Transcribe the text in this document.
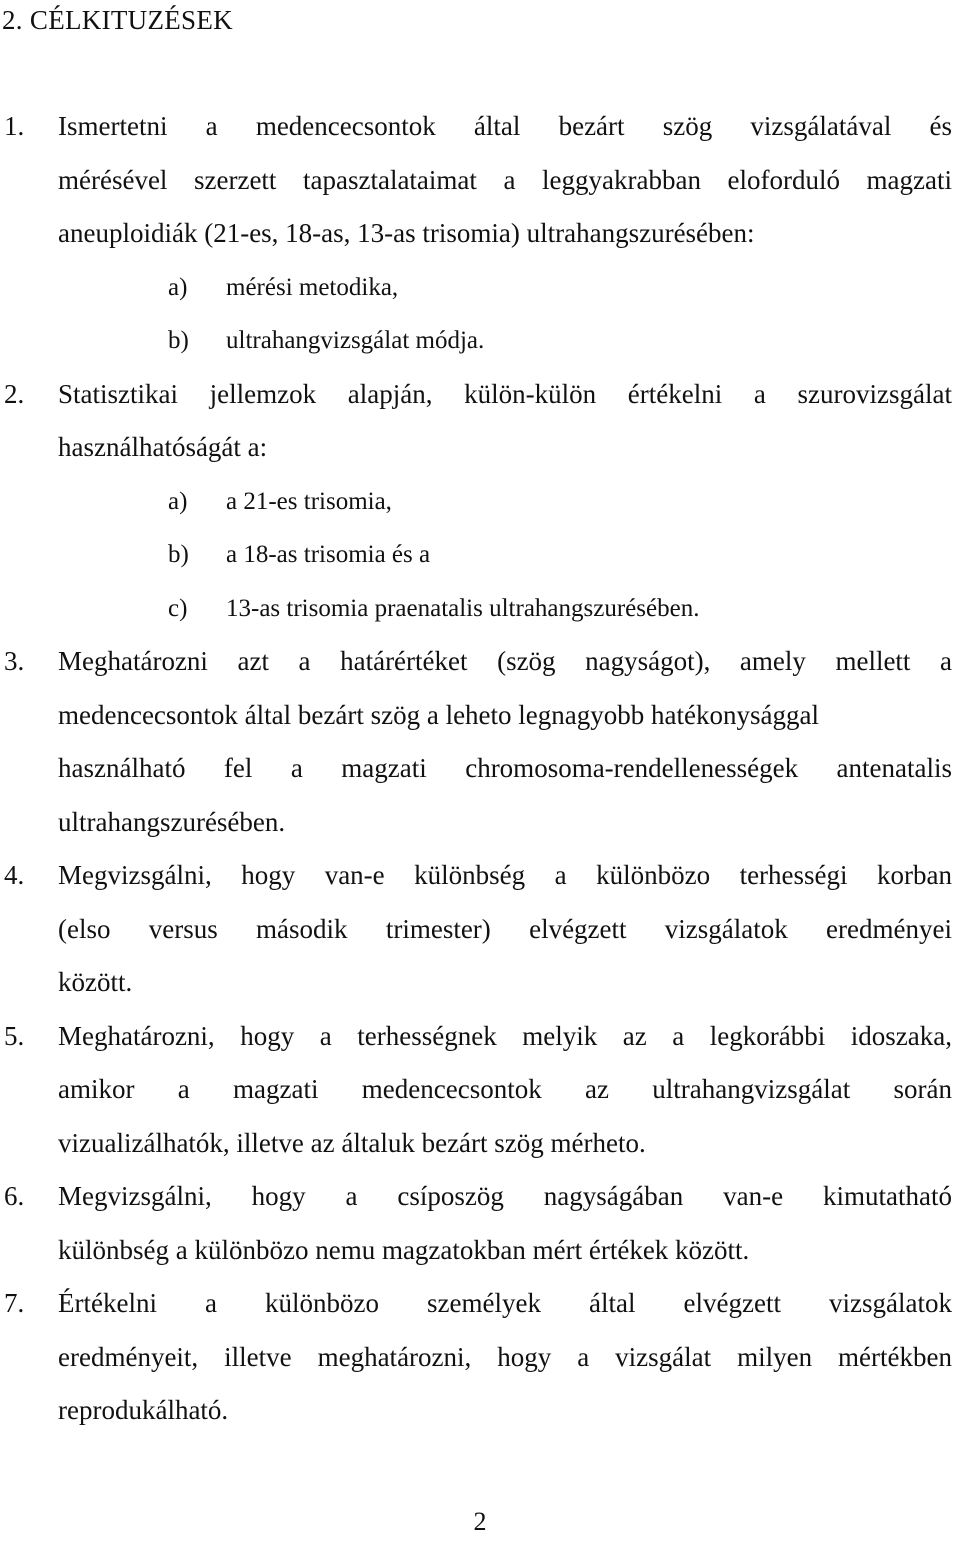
2. CÉLKITUZÉSEK
1. Ismertetni a medencecsontok által bezárt szög vizsgálatával és
mérésével szerzett tapasztalataimat a leggyakrabban eloforduló magzati
aneuploidiák (21-es, 18-as, 13-as trisomia) ultrahangszurésében:
a) mérési metodika,
b) ultrahangvizsgálat módja.
2. Statisztikai jellemzok alapján, külön-külön értékelni a szurovizsgálat
használhatóságát a:
a) a 21-es trisomia,
b) a 18-as trisomia és a
c) 13-as trisomia praenatalis ultrahangszurésében.
3. Meghatározni azt a határértéket (szög nagyságot), amely mellett a
medencecsontok által bezárt szög a leheto legnagyobb hatékonysággal
használható fel a magzati chromosoma-rendellenességek antenatalis
ultrahangszurésében.
4. Megvizsgálni, hogy van-e különbség a különbözo terhességi korban
(elso versus második trimester) elvégzett vizsgálatok eredményei
között.
5. Meghatározni, hogy a terhességnek melyik az a legkorábbi idoszaka,
amikor a magzati medencecsontok az ultrahangvizsgálat során
vizualizálhatók, illetve az általuk bezárt szög mérheto.
6. Megvizsgálni, hogy a csíposzög nagyságában van-e kimutatható
különbség a különbözo nemu magzatokban mért értékek között.
7. Értékelni a különbözo személyek által elvégzett vizsgálatok
eredményeit, illetve meghatározni, hogy a vizsgálat milyen mértékben
reprodukálható.
2
